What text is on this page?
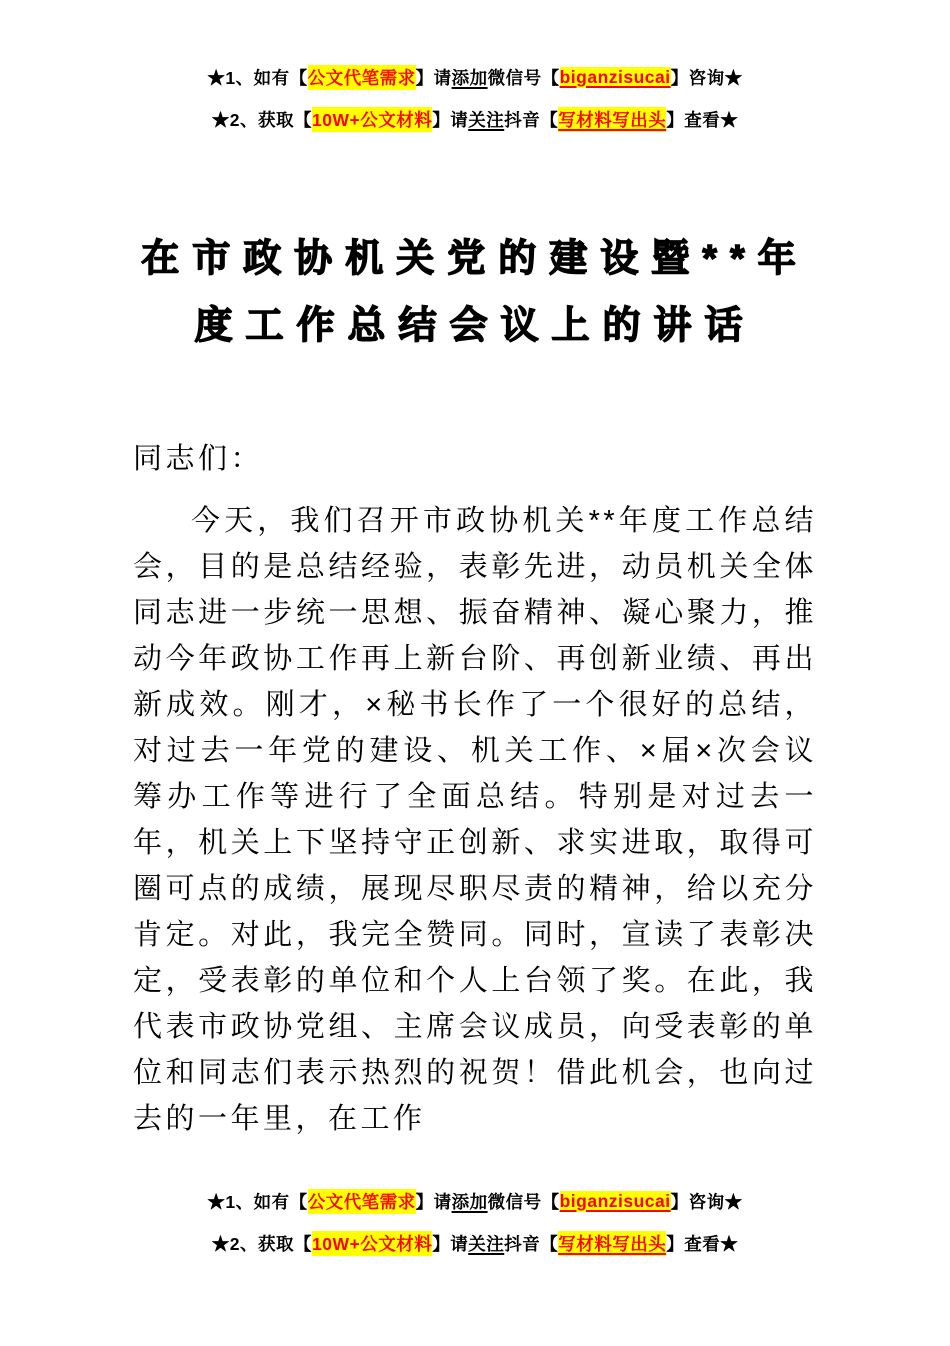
★1、如有【 公文代笔需求 】请 添加 微信号【 biganzisucai 】咨询★
★2、获取【 10W+公文材料 】请 关注 抖音【 写材料写出头 】查看★
在市政协机关党的建设暨**年
度工作总结会议上的讲话
同志们：
今天，我们召开市政协机关**年度工作总结会，目的是总结经验，表彰先进，动员机关全体同志进一步统一思想、振奋精神、凝心聚力，推动今年政协工作再上新台阶、再创新业绩、再出新成效。刚才，×秘书长作了一个很好的总结，对过去一年党的建设、机关工作、×届×次会议筹办工作等进行了全面总结。特别是对过去一年，机关上下坚持守正创新、求实进取，取得可圈可点的成绩，展现尽职尽责的精神，给以充分肯定。对此，我完全赞同。同时，宣读了表彰决定，受表彰的单位和个人上台领了奖。在此，我代表市政协党组、主席会议成员，向受表彰的单位和同志们表示热烈的祝贺！借此机会，也向过去的一年里，在工作
★1、如有【 公文代笔需求 】请 添加 微信号【 biganzisucai 】咨询★
★2、获取【 10W+公文材料 】请 关注 抖音【 写材料写出头 】查看★
